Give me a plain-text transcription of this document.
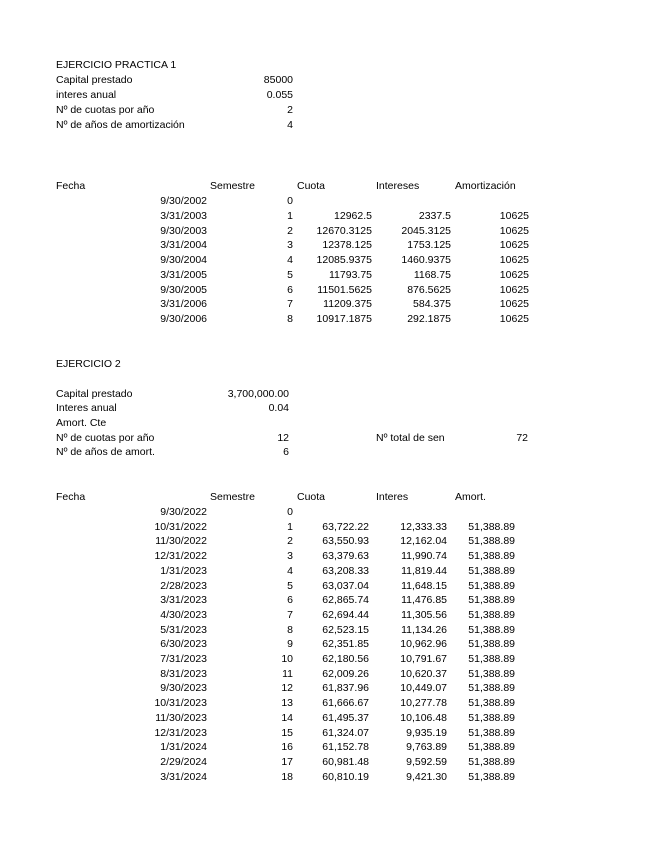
EJERCICIO PRACTICA 1
Capital prestado	85000
interes anual	0.055
Nº de cuotas por año	2
Nº de años de amortización	4
Fecha	Semestre	Cuota	Intereses	Amortización
9/30/2002	0
3/31/2003	1	12962.5	2337.5	10625
9/30/2003	2	12670.3125	2045.3125	10625
3/31/2004	3	12378.125	1753.125	10625
9/30/2004	4	12085.9375	1460.9375	10625
3/31/2005	5	11793.75	1168.75	10625
9/30/2005	6	11501.5625	876.5625	10625
3/31/2006	7	11209.375	584.375	10625
9/30/2006	8	10917.1875	292.1875	10625
EJERCICIO 2
Capital prestado	3,700,000.00
Interes anual	0.04
Amort. Cte
Nº de cuotas por año	12	Nº total de sen	72
Nº de años de amort.	6
Fecha	Semestre	Cuota	Interes	Amort.
9/30/2022	0
10/31/2022	1	63,722.22	12,333.33	51,388.89
11/30/2022	2	63,550.93	12,162.04	51,388.89
12/31/2022	3	63,379.63	11,990.74	51,388.89
1/31/2023	4	63,208.33	11,819.44	51,388.89
2/28/2023	5	63,037.04	11,648.15	51,388.89
3/31/2023	6	62,865.74	11,476.85	51,388.89
4/30/2023	7	62,694.44	11,305.56	51,388.89
5/31/2023	8	62,523.15	11,134.26	51,388.89
6/30/2023	9	62,351.85	10,962.96	51,388.89
7/31/2023	10	62,180.56	10,791.67	51,388.89
8/31/2023	11	62,009.26	10,620.37	51,388.89
9/30/2023	12	61,837.96	10,449.07	51,388.89
10/31/2023	13	61,666.67	10,277.78	51,388.89
11/30/2023	14	61,495.37	10,106.48	51,388.89
12/31/2023	15	61,324.07	9,935.19	51,388.89
1/31/2024	16	61,152.78	9,763.89	51,388.89
2/29/2024	17	60,981.48	9,592.59	51,388.89
3/31/2024	18	60,810.19	9,421.30	51,388.89
